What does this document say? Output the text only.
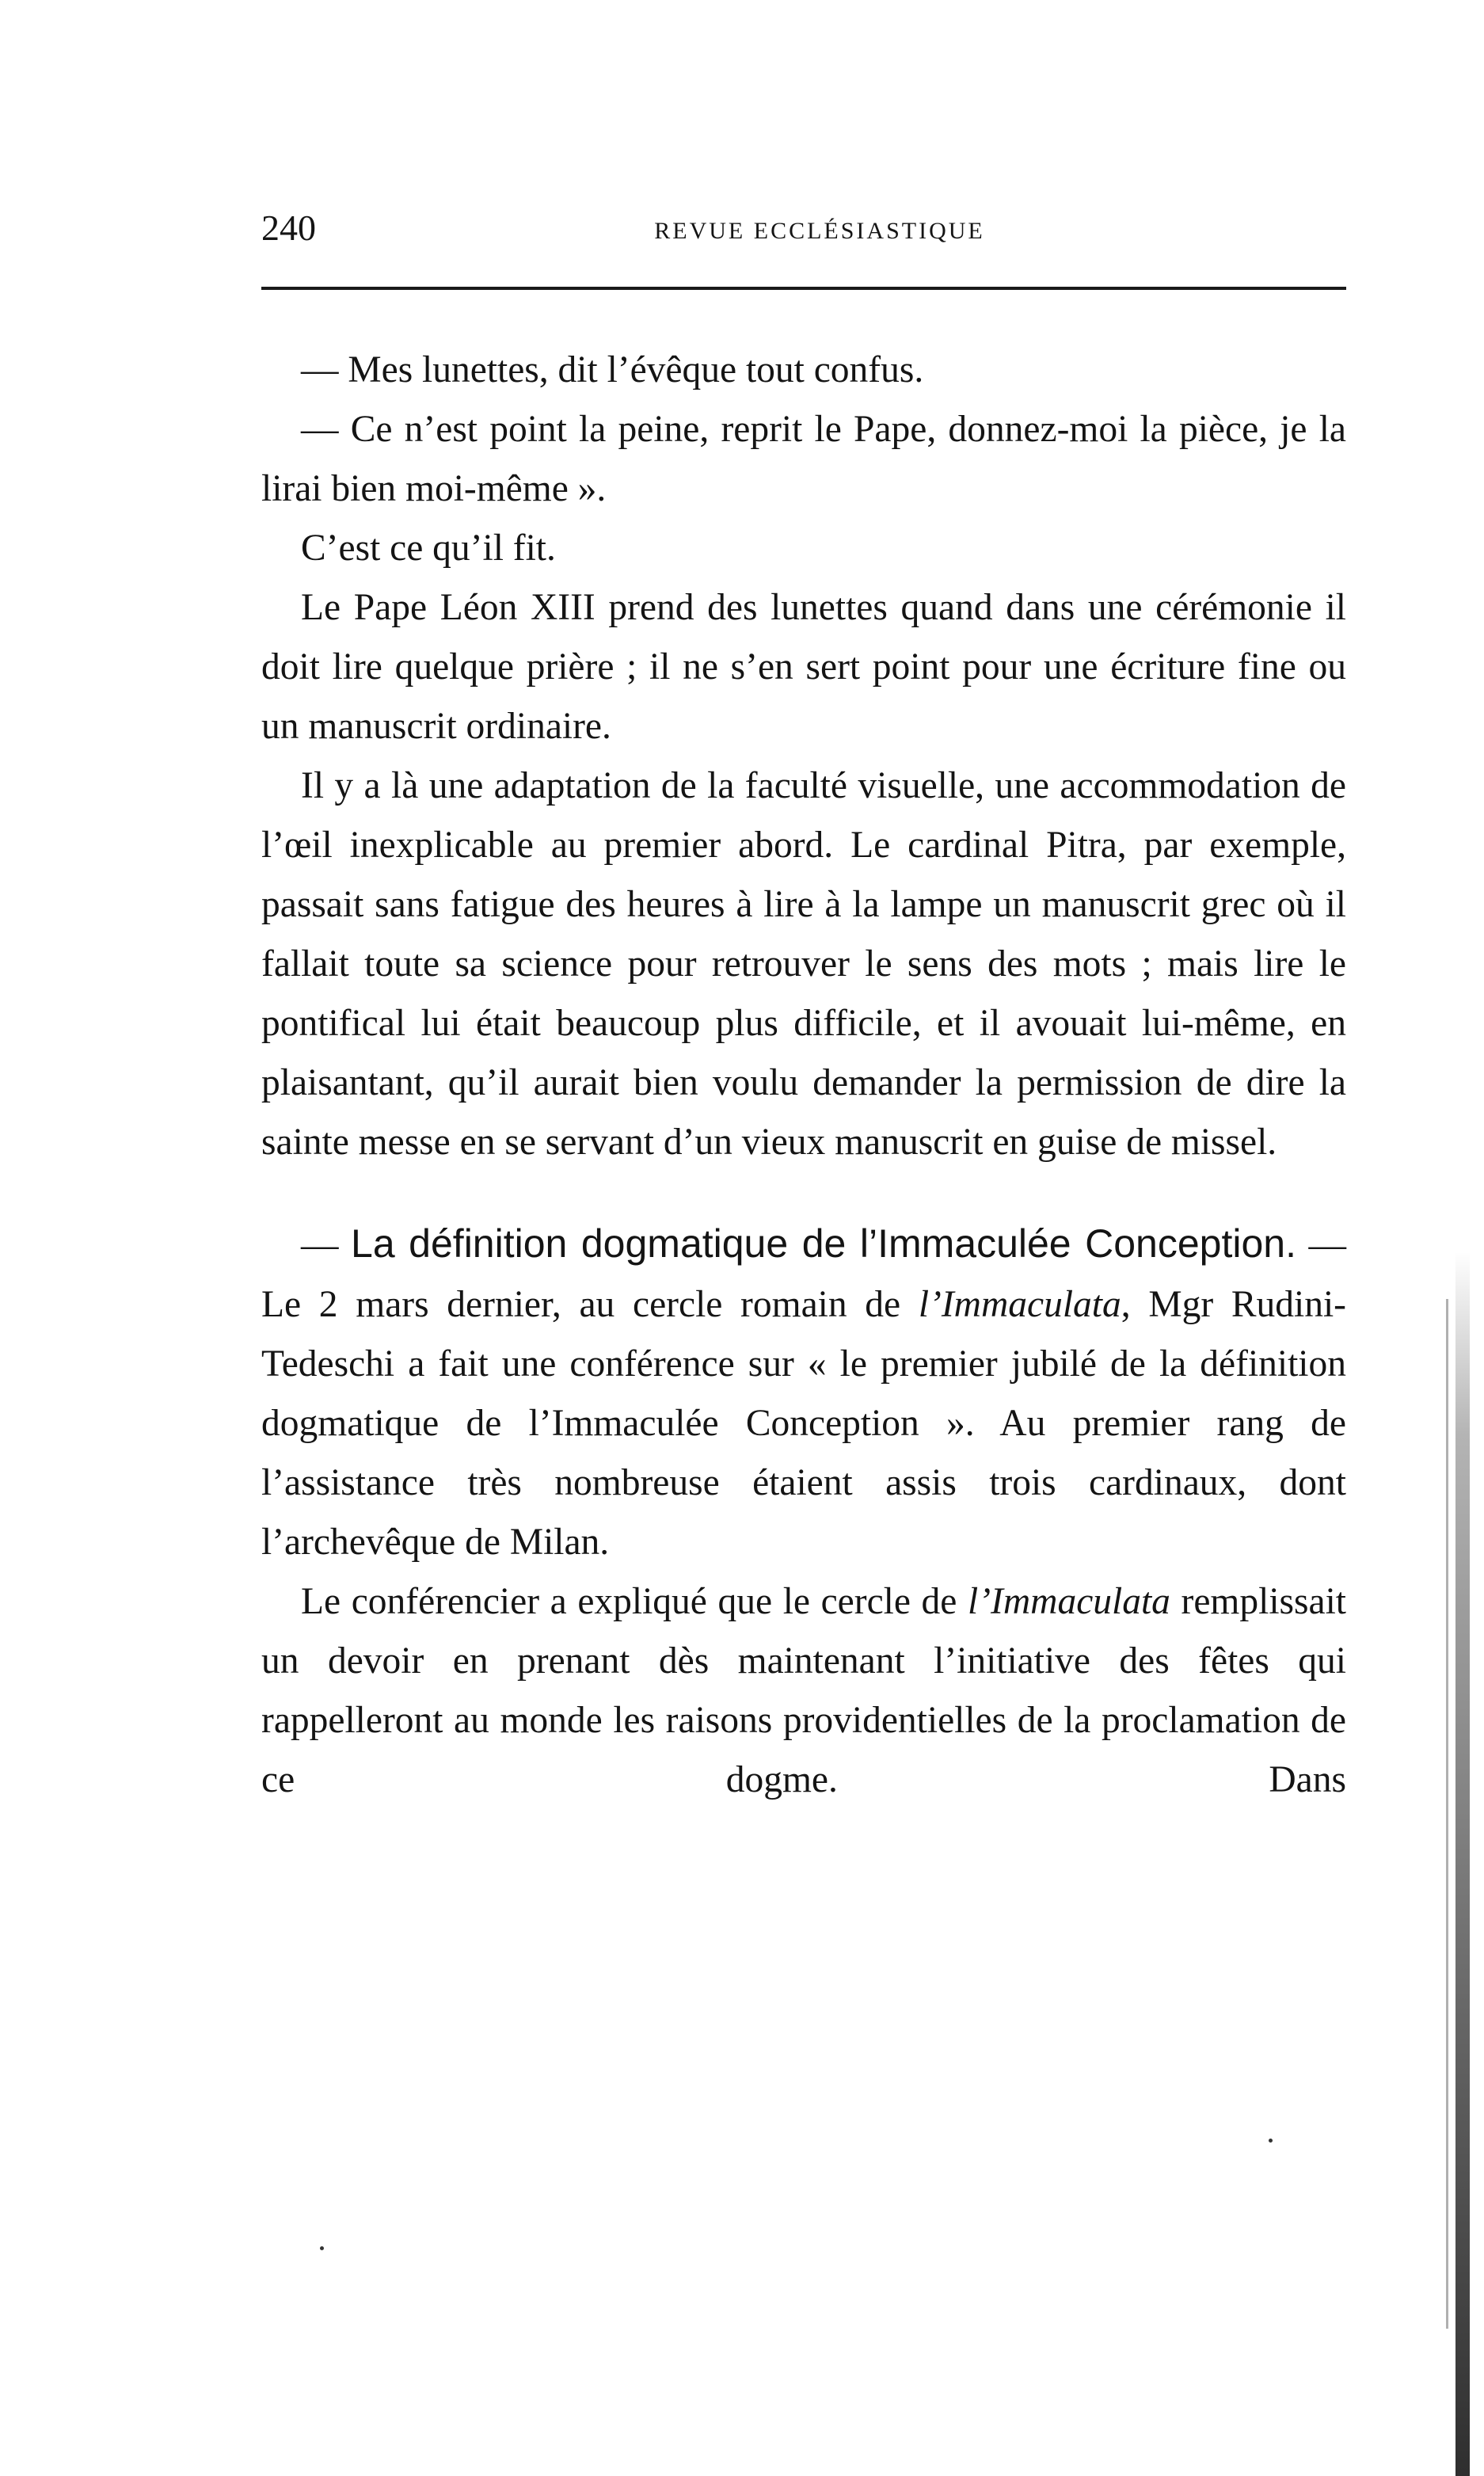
240	REVUE ECCLÉSIASTIQUE

— Mes lunettes, dit l’évêque tout confus.

— Ce n’est point la peine, reprit le Pape, donnez-moi la pièce, je la lirai bien moi-même ».

C’est ce qu’il fit.

Le Pape Léon XIII prend des lunettes quand dans une cérémonie il doit lire quelque prière ; il ne s’en sert point pour une écriture fine ou un manuscrit ordinaire.

Il y a là une adaptation de la faculté visuelle, une accommodation de l’œil inexplicable au premier abord. Le cardinal Pitra, par exemple, passait sans fatigue des heures à lire à la lampe un manuscrit grec où il fallait toute sa science pour retrouver le sens des mots ; mais lire le pontifical lui était beaucoup plus difficile, et il avouait lui-même, en plaisantant, qu’il aurait bien voulu demander la permission de dire la sainte messe en se servant d’un vieux manuscrit en guise de missel.

— La définition dogmatique de l’Immaculée Conception. — Le 2 mars dernier, au cercle romain de l’Immaculata, Mgr Rudini-Tedeschi a fait une conférence sur « le premier jubilé de la définition dogmatique de l’Immaculée Conception ». Au premier rang de l’assistance très nombreuse étaient assis trois cardinaux, dont l’archevêque de Milan.

Le conférencier a expliqué que le cercle de l’Immaculata remplissait un devoir en prenant dès maintenant l’initiative des fêtes qui rappelleront au monde les raisons providentielles de la proclamation de ce dogme. Dans
